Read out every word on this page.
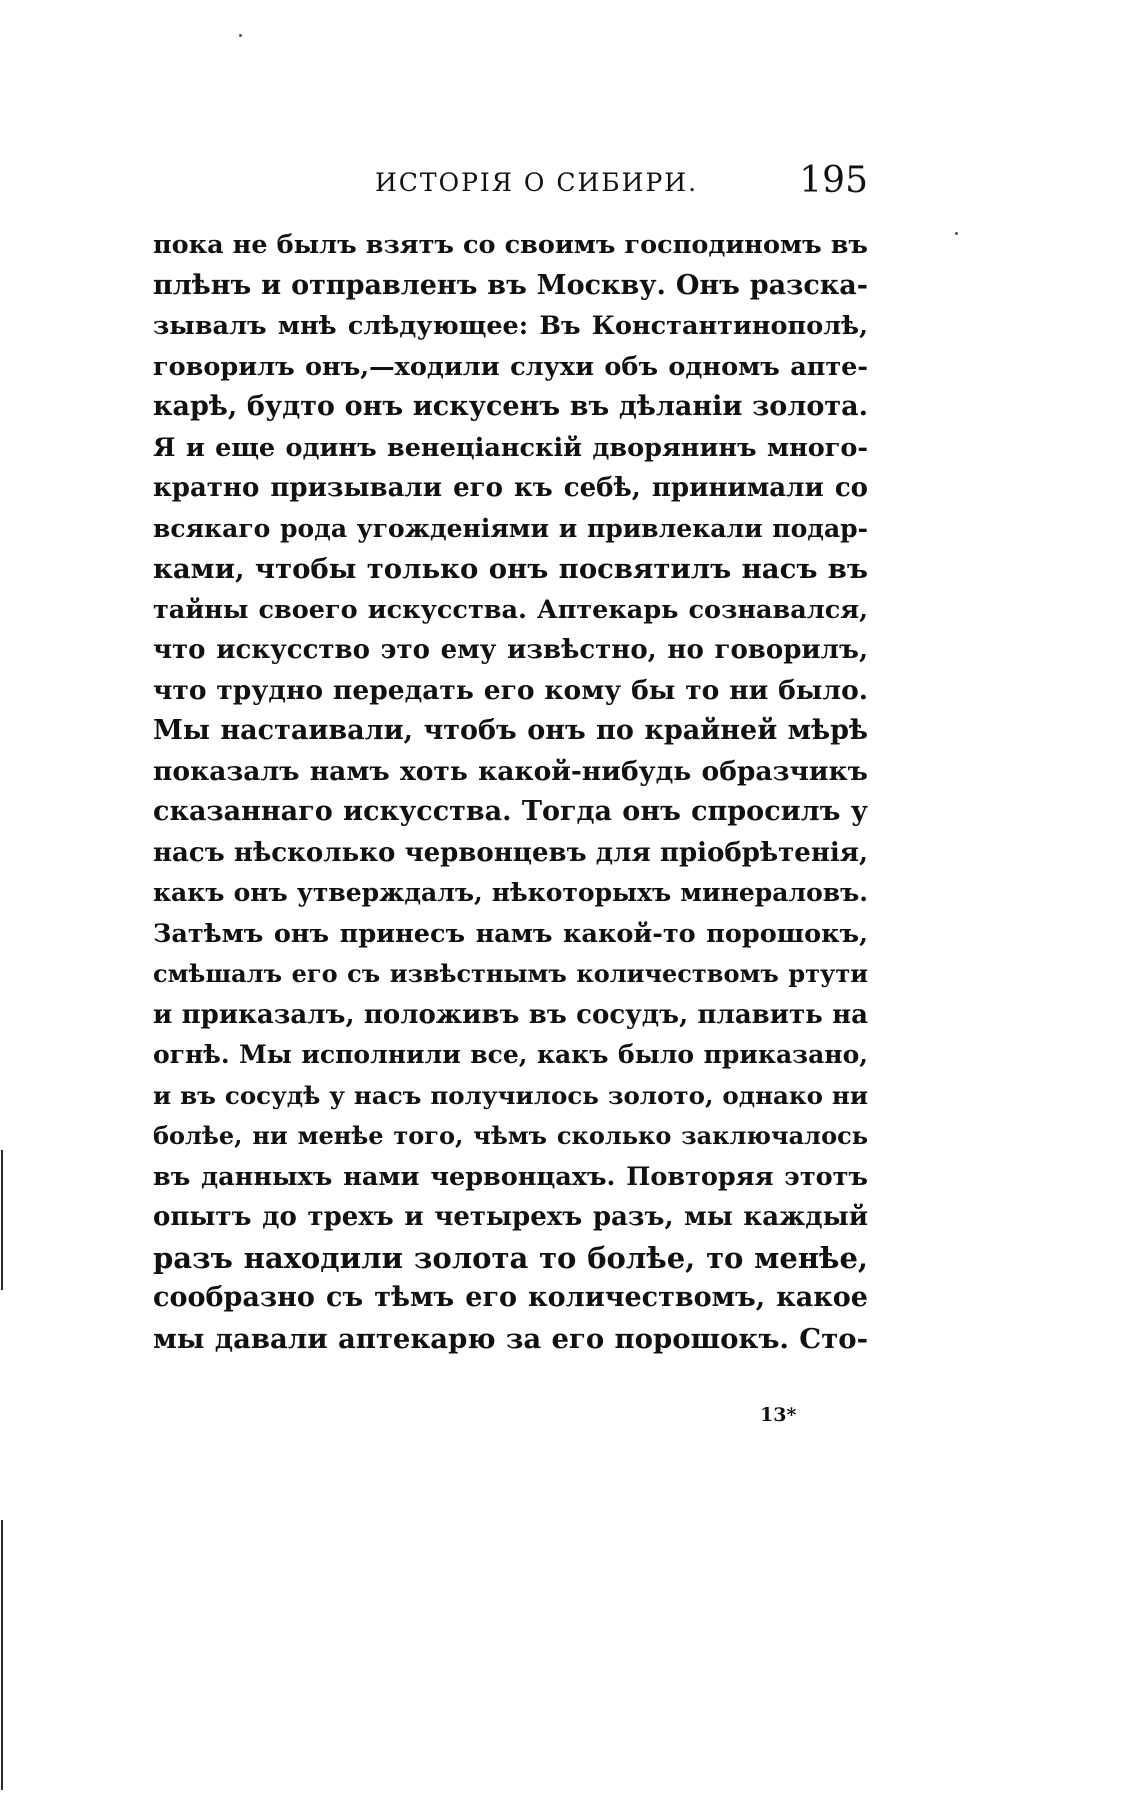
ИСТОРІЯ О СИБИРИ.	195
пока не былъ взятъ со своимъ господиномъ въ
плѣнъ и отправленъ въ Москву. Онъ разска-
зывалъ мнѣ слѣдующее: Въ Константинополѣ,
говорилъ онъ,—ходили слухи объ одномъ апте-
карѣ, будто онъ искусенъ въ дѣланіи золота.
Я и еще одинъ венеціанскій дворянинъ много-
кратно призывали его къ себѣ, принимали со
всякаго рода угожденіями и привлекали подар-
ками, чтобы только онъ посвятилъ насъ въ
тайны своего искусства. Аптекарь сознавался,
что искусство это ему извѣстно, но говорилъ,
что трудно передать его кому бы то ни было.
Мы настаивали, чтобъ онъ по крайней мѣрѣ
показалъ намъ хоть какой-нибудь образчикъ
сказаннаго искусства. Тогда онъ спросилъ у
насъ нѣсколько червонцевъ для пріобрѣтенія,
какъ онъ утверждалъ, нѣкоторыхъ минераловъ.
Затѣмъ онъ принесъ намъ какой-то порошокъ,
смѣшалъ его съ извѣстнымъ количествомъ ртути
и приказалъ, положивъ въ сосудъ, плавить на
огнѣ. Мы исполнили все, какъ было приказано,
и въ сосудѣ у насъ получилось золото, однако ни
болѣе, ни менѣе того, чѣмъ сколько заключалось
въ данныхъ нами червонцахъ. Повторяя этотъ
опытъ до трехъ и четырехъ разъ, мы каждый
разъ находили золота то болѣе, то менѣе,
сообразно съ тѣмъ его количествомъ, какое
мы давали аптекарю за его порошокъ. Сто-
13*
